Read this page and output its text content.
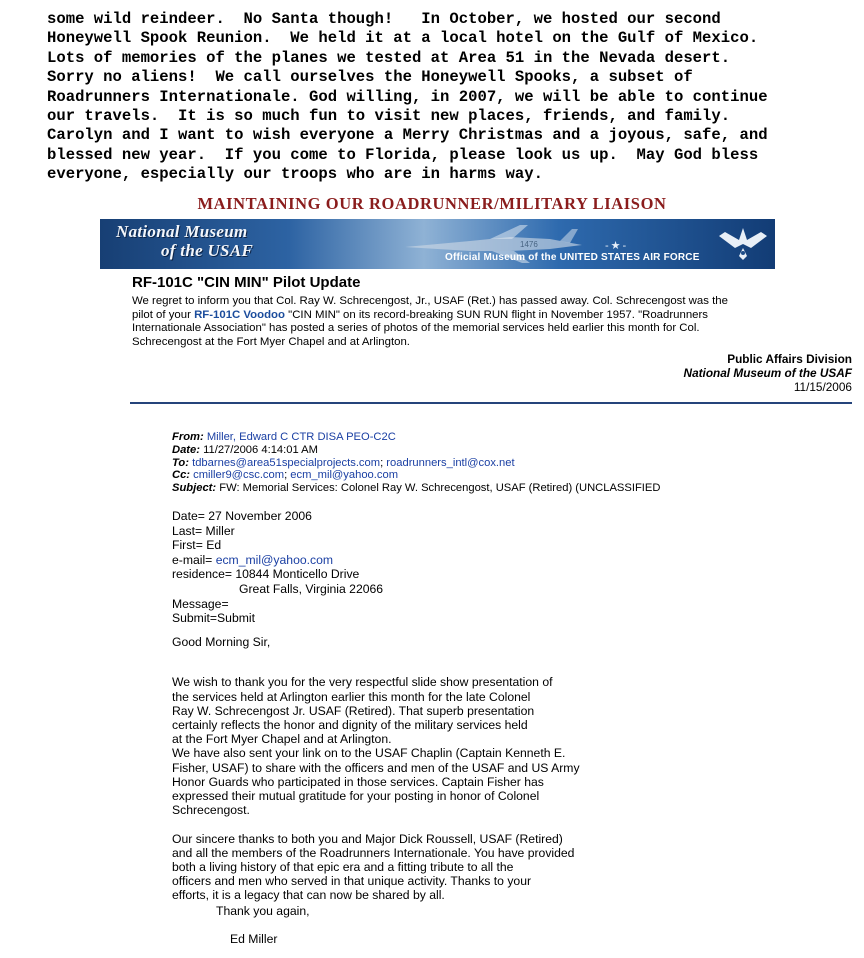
some wild reindeer.  No Santa though!   In October, we hosted our second
Honeywell Spook Reunion.  We held it at a local hotel on the Gulf of Mexico.
Lots of memories of the planes we tested at Area 51 in the Nevada desert.
Sorry no aliens!  We call ourselves the Honeywell Spooks, a subset of
Roadrunners Internationale. God willing, in 2007, we will be able to continue
our travels.  It is so much fun to visit new places, friends, and family.
Carolyn and I want to wish everyone a Merry Christmas and a joyous, safe, and
blessed new year.  If you come to Florida, please look us up.  May God bless
everyone, especially our troops who are in harms way.
MAINTAINING OUR ROADRUNNER/MILITARY LIAISON
National Museum
of the USAF	1476	-★-
Official Museum of the UNITED STATES AIR FORCE
RF-101C "CIN MIN" Pilot Update
We regret to inform you that Col. Ray W. Schrecengost, Jr., USAF (Ret.) has passed away. Col. Schrecengost was the
pilot of your RF-101C Voodoo "CIN MIN" on its record-breaking SUN RUN flight in November 1957. "Roadrunners
Internationale Association" has posted a series of photos of the memorial services held earlier this month for Col.
Schrecengost at the Fort Myer Chapel and at Arlington.
Public Affairs Division
National Museum of the USAF
11/15/2006
From: Miller, Edward C CTR DISA PEO-C2C
Date: 11/27/2006 4:14:01 AM
To: tdbarnes@area51specialprojects.com; roadrunners_intl@cox.net
Cc: cmiller9@csc.com; ecm_mil@yahoo.com
Subject: FW: Memorial Services: Colonel Ray W. Schrecengost, USAF (Retired) (UNCLASSIFIED
Date= 27 November 2006
Last= Miller
First= Ed
e-mail= ecm_mil@yahoo.com
residence= 10844 Monticello Drive
Great Falls, Virginia 22066
Message=
Submit=Submit
Good Morning Sir,
We wish to thank you for the very respectful slide show presentation of
the services held at Arlington earlier this month for the late Colonel
Ray W. Schrecengost Jr. USAF (Retired). That superb presentation
certainly reflects the honor and dignity of the military services held
at the Fort Myer Chapel and at Arlington.
We have also sent your link on to the USAF Chaplin (Captain Kenneth E.
Fisher, USAF) to share with the officers and men of the USAF and US Army
Honor Guards who participated in those services. Captain Fisher has
expressed their mutual gratitude for your posting in honor of Colonel
Schrecengost.
Our sincere thanks to both you and Major Dick Roussell, USAF (Retired)
and all the members of the Roadrunners Internationale. You have provided
both a living history of that epic era and a fitting tribute to all the
officers and men who served in that unique activity. Thanks to your
efforts, it is a legacy that can now be shared by all.
Thank you again,
Ed Miller
